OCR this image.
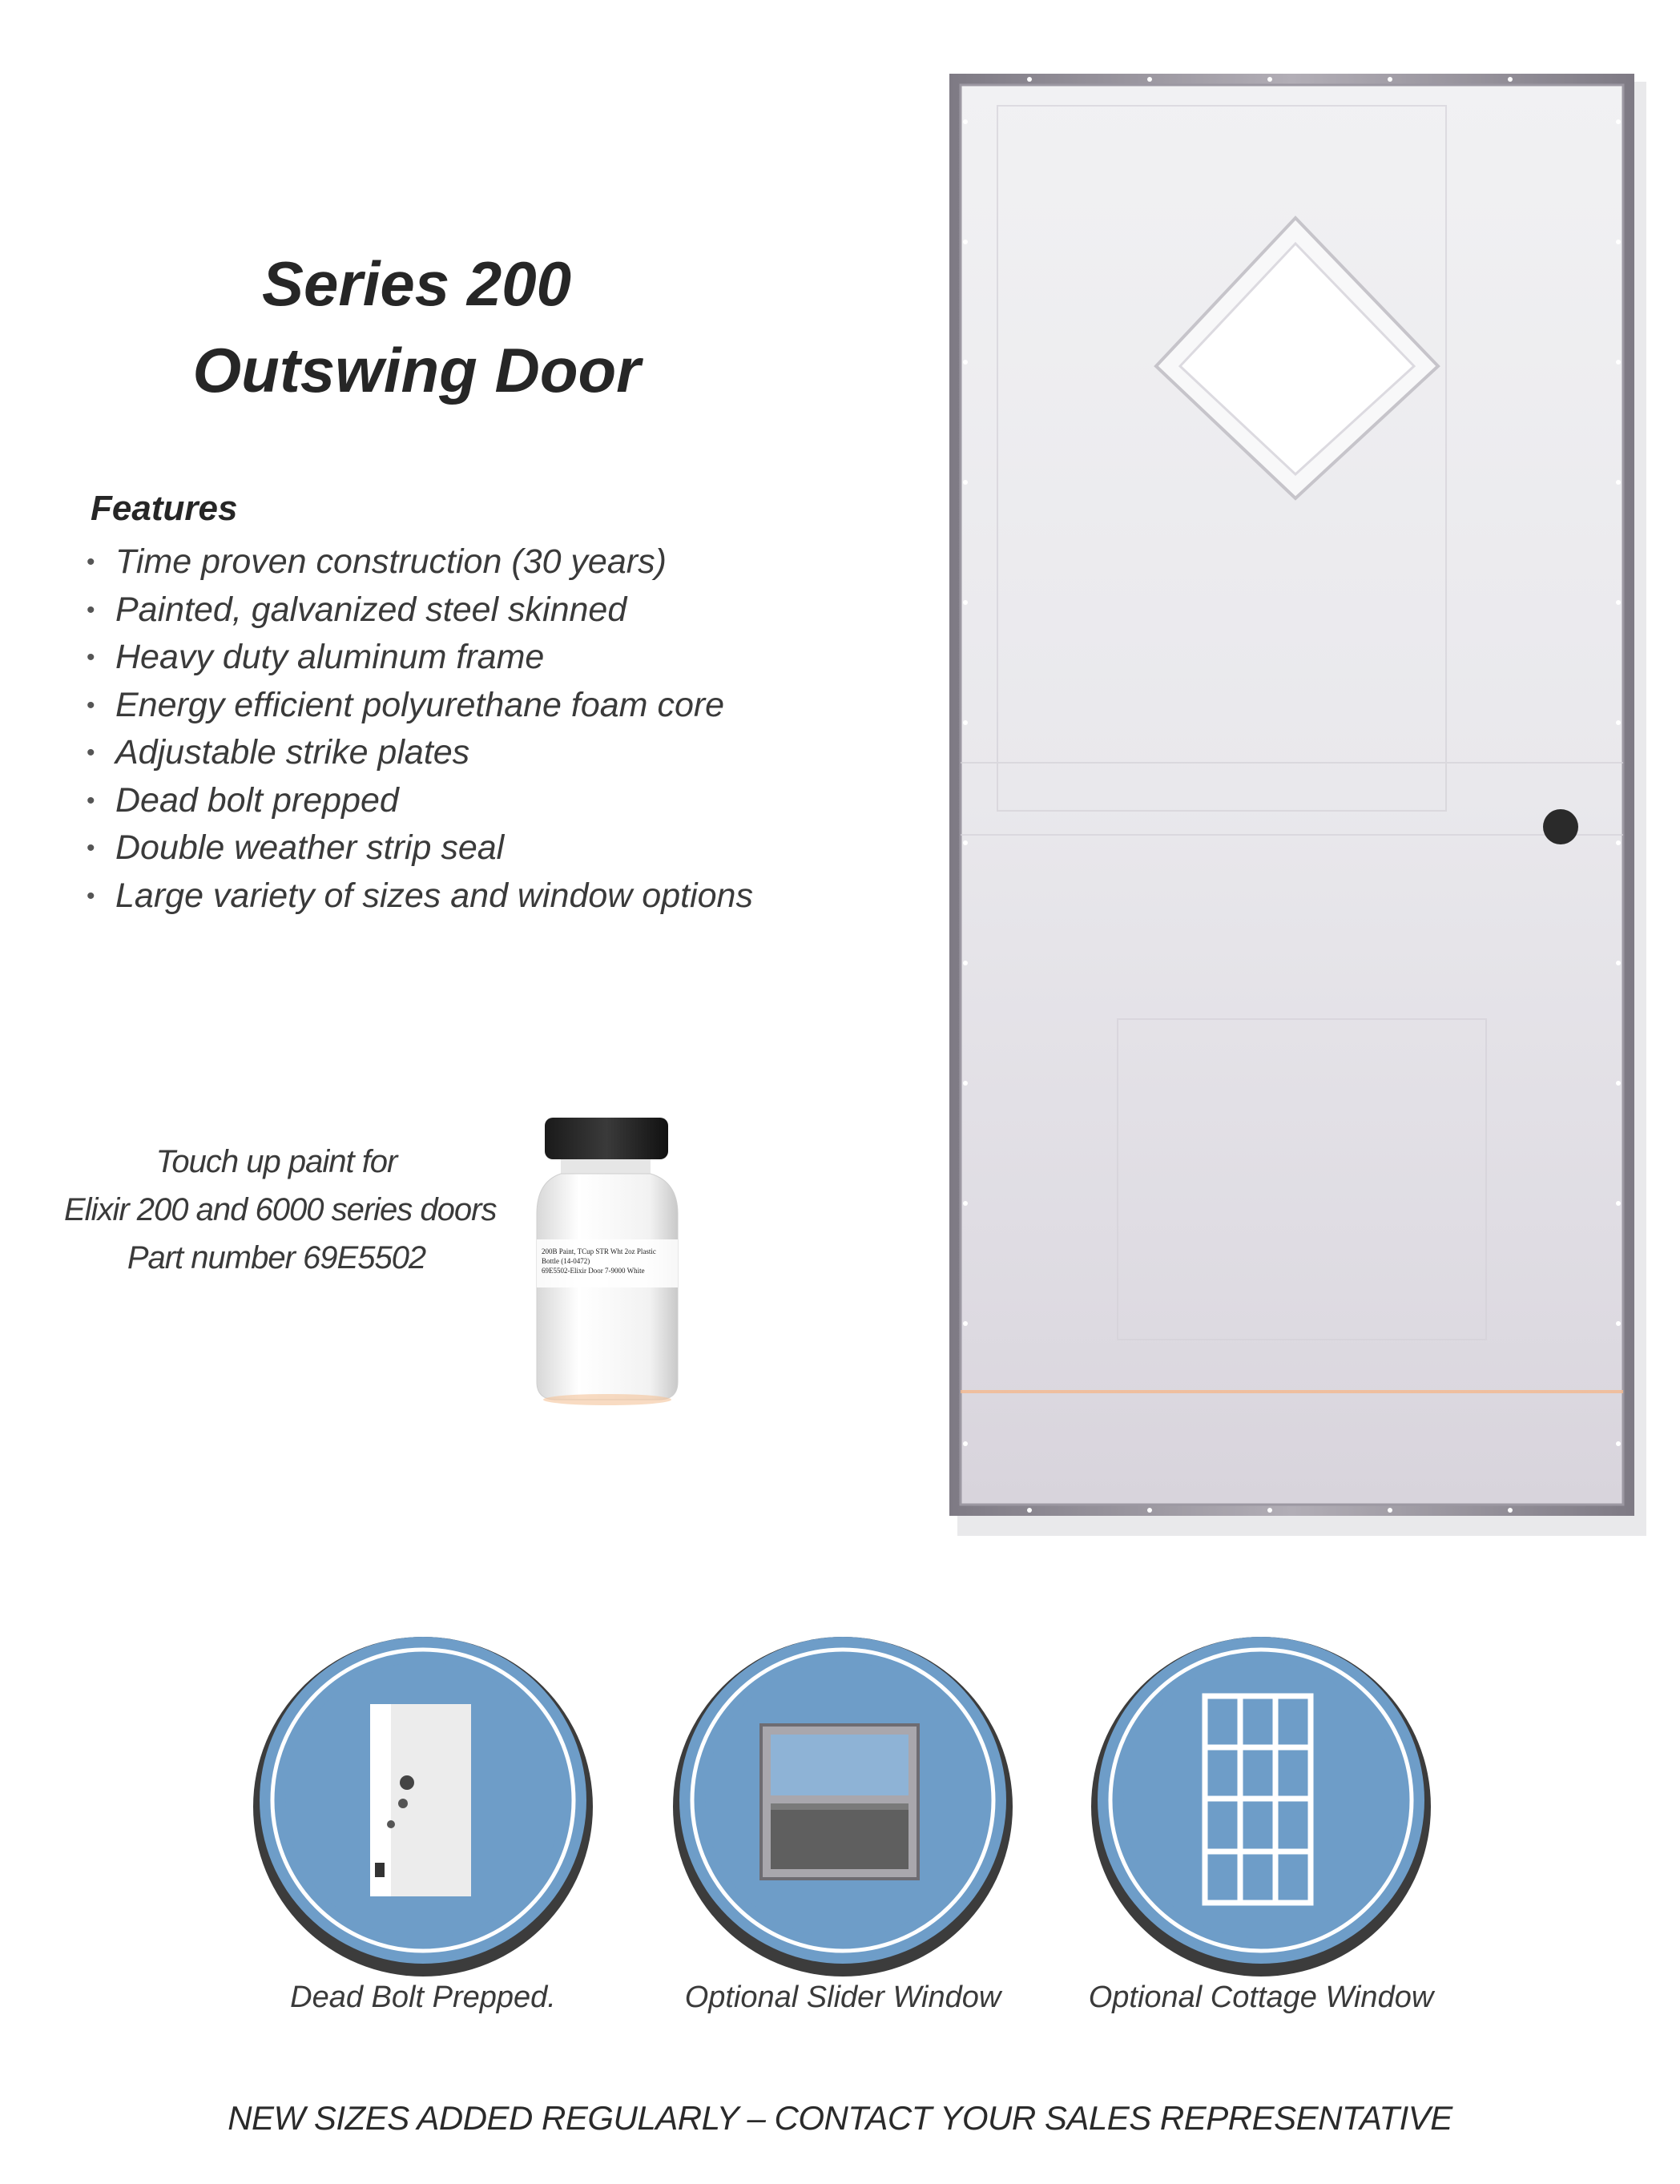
Series 200
Outswing Door
Features
• Time proven construction (30 years)
• Painted, galvanized steel skinned
• Heavy duty aluminum frame
• Energy efficient polyurethane foam core
• Adjustable strike plates
• Dead bolt prepped
• Double weather strip seal
• Large variety of sizes and window options
Touch up paint for
Elixir 200 and 6000 series doors
Part number 69E5502	200B Paint, TCup STR Wht 2oz Plastic
Bottle (14-0472)
69E5502-Elixir Door 7-9000 White
Dead Bolt Prepped.	Optional Slider Window	Optional Cottage Window
NEW SIZES ADDED REGULARLY – CONTACT YOUR SALES REPRESENTATIVE
